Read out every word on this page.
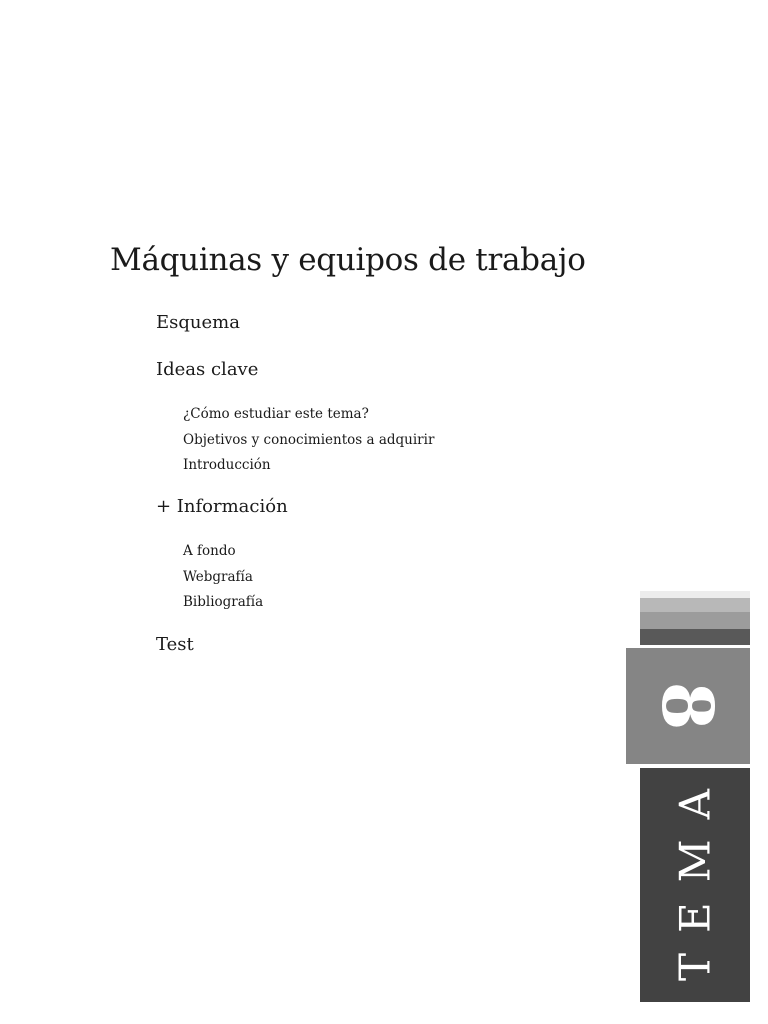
Máquinas y equipos de trabajo
Esquema
Ideas clave
¿Cómo estudiar este tema?
Objetivos y conocimientos a adquirir
Introducción
+ Información
A fondo
Webgrafía
Bibliografía
Test
8
TEMA
